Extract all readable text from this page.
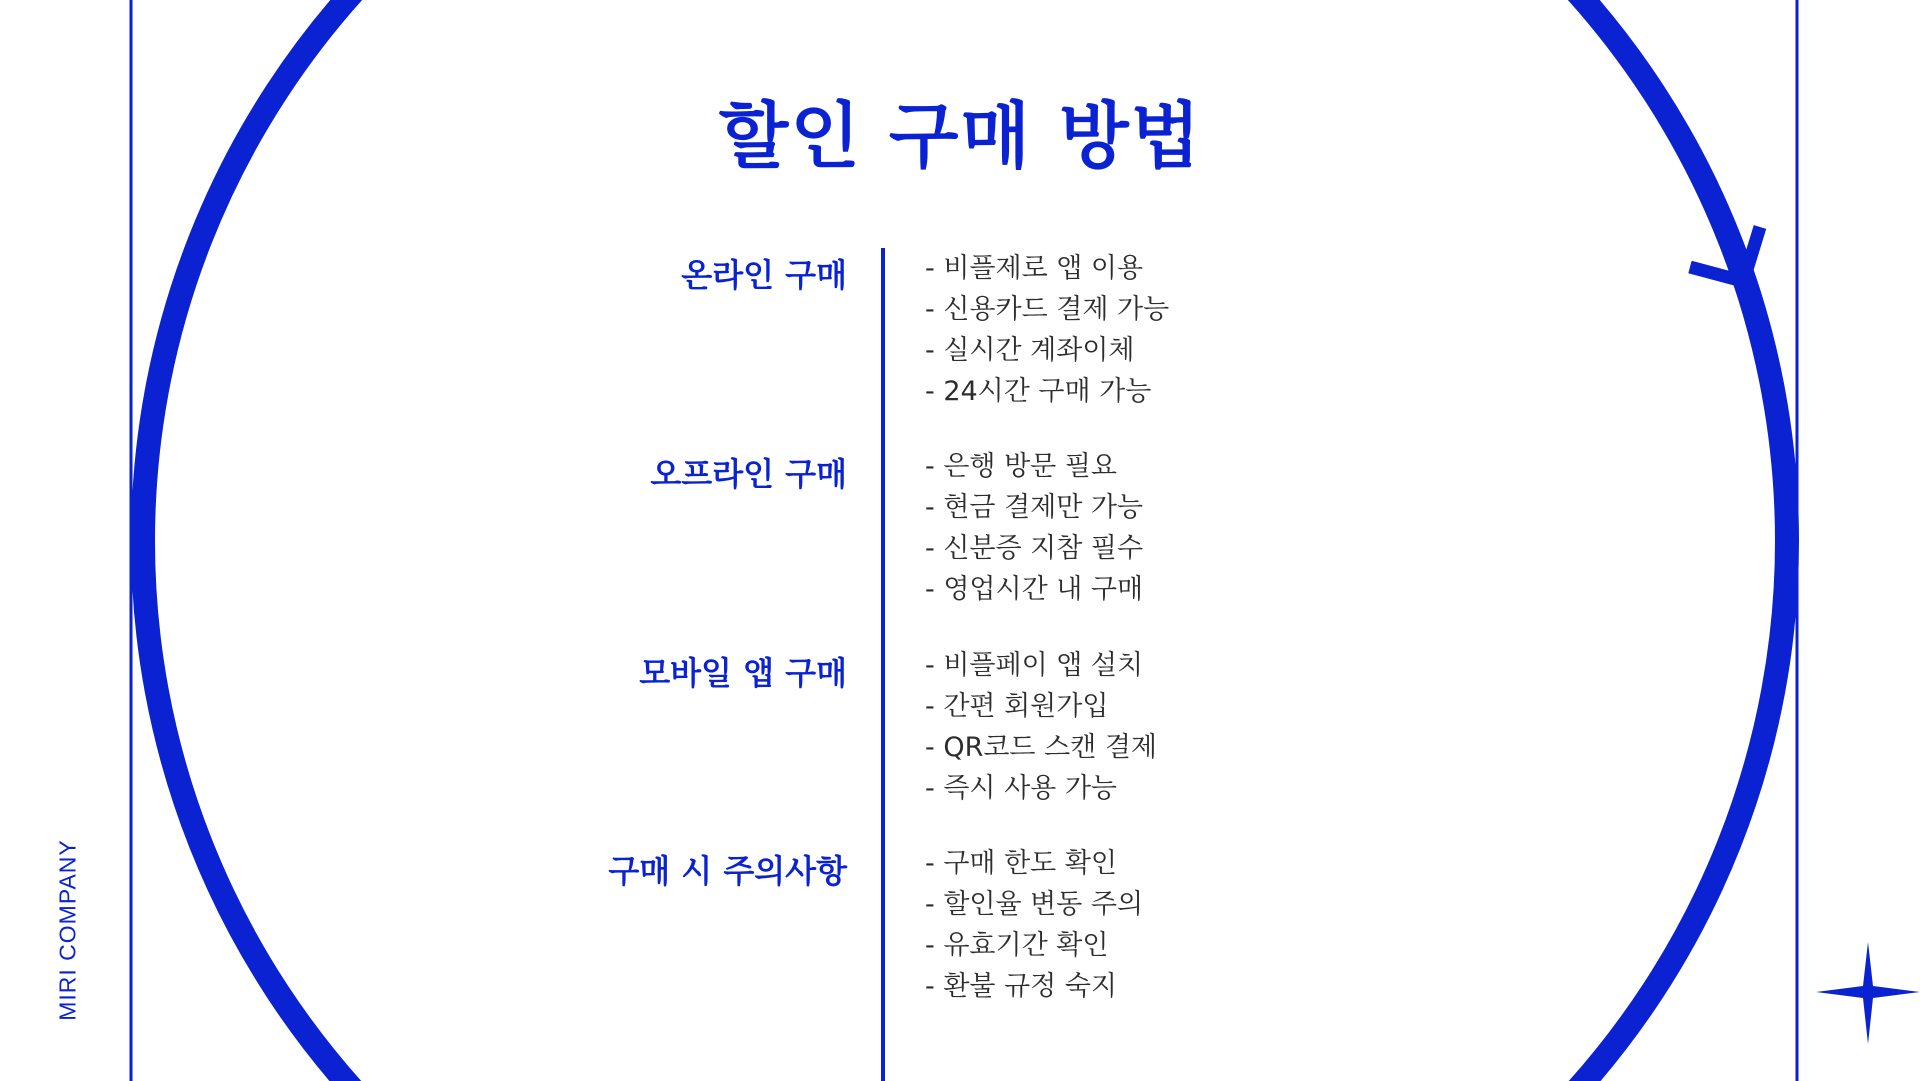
MIRI COMPANY
할인 구매 방법
온라인 구매	- 비플제로 앱 이용
- 신용카드 결제 가능
- 실시간 계좌이체
- 24시간 구매 가능
오프라인 구매	- 은행 방문 필요
- 현금 결제만 가능
- 신분증 지참 필수
- 영업시간 내 구매
모바일 앱 구매	- 비플페이 앱 설치
- 간편 회원가입
- QR코드 스캔 결제
- 즉시 사용 가능
구매 시 주의사항	- 구매 한도 확인
- 할인율 변동 주의
- 유효기간 확인
- 환불 규정 숙지
